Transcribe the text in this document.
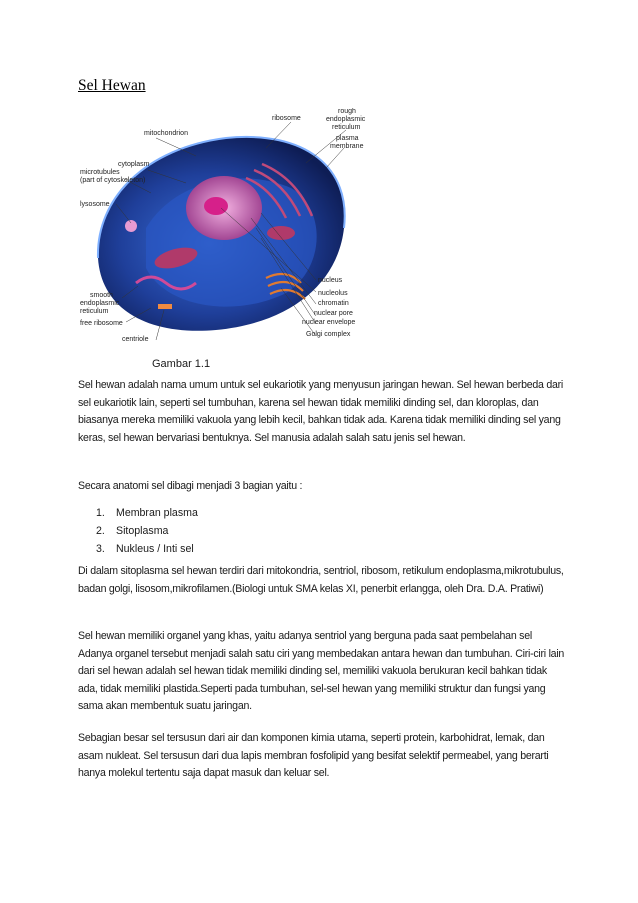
Sel Hewan
mitochondrion
ribosome
rough
endoplasmic
reticulum
plasma
membrane
cytoplasm
microtubules
(part of cytoskeleton)
lysosome
nucleus
nucleolus
chromatin
nuclear pore
nuclear envelope
Golgi complex
smooth
endoplasmic
reticulum
free ribosome
centriole
Gambar 1.1

Sel hewan adalah nama umum untuk sel eukariotik yang menyusun jaringan hewan. Sel hewan berbeda dari sel eukariotik lain, seperti sel tumbuhan, karena sel hewan tidak memiliki dinding sel, dan kloroplas, dan biasanya mereka memiliki vakuola yang lebih kecil, bahkan tidak ada. Karena tidak memiliki dinding sel yang keras, sel hewan bervariasi bentuknya. Sel manusia adalah salah satu jenis sel hewan.

Secara anatomi sel dibagi menjadi 3 bagian yaitu :

1.	Membran plasma
2.	Sitoplasma
3.	Nukleus / Inti sel

Di dalam sitoplasma sel hewan terdiri dari mitokondria, sentriol, ribosom, retikulum endoplasma,mikrotubulus, badan golgi, lisosom,mikrofilamen.(Biologi untuk SMA kelas XI, penerbit erlangga, oleh Dra. D.A. Pratiwi)

Sel hewan memiliki organel yang khas, yaitu adanya sentriol yang berguna pada saat pembelahan sel Adanya organel tersebut menjadi salah satu ciri yang membedakan antara hewan dan tumbuhan. Ciri-ciri lain dari sel hewan adalah sel hewan tidak memiliki dinding sel, memiliki vakuola berukuran kecil bahkan tidak ada, tidak memiliki plastida.Seperti pada tumbuhan, sel-sel hewan yang memiliki struktur dan fungsi yang sama akan membentuk suatu jaringan.

Sebagian besar sel tersusun dari air dan komponen kimia utama, seperti protein, karbohidrat, lemak, dan asam nukleat. Sel tersusun dari dua lapis membran fosfolipid yang besifat selektif permeabel, yang berarti hanya molekul tertentu saja dapat masuk dan keluar sel.
